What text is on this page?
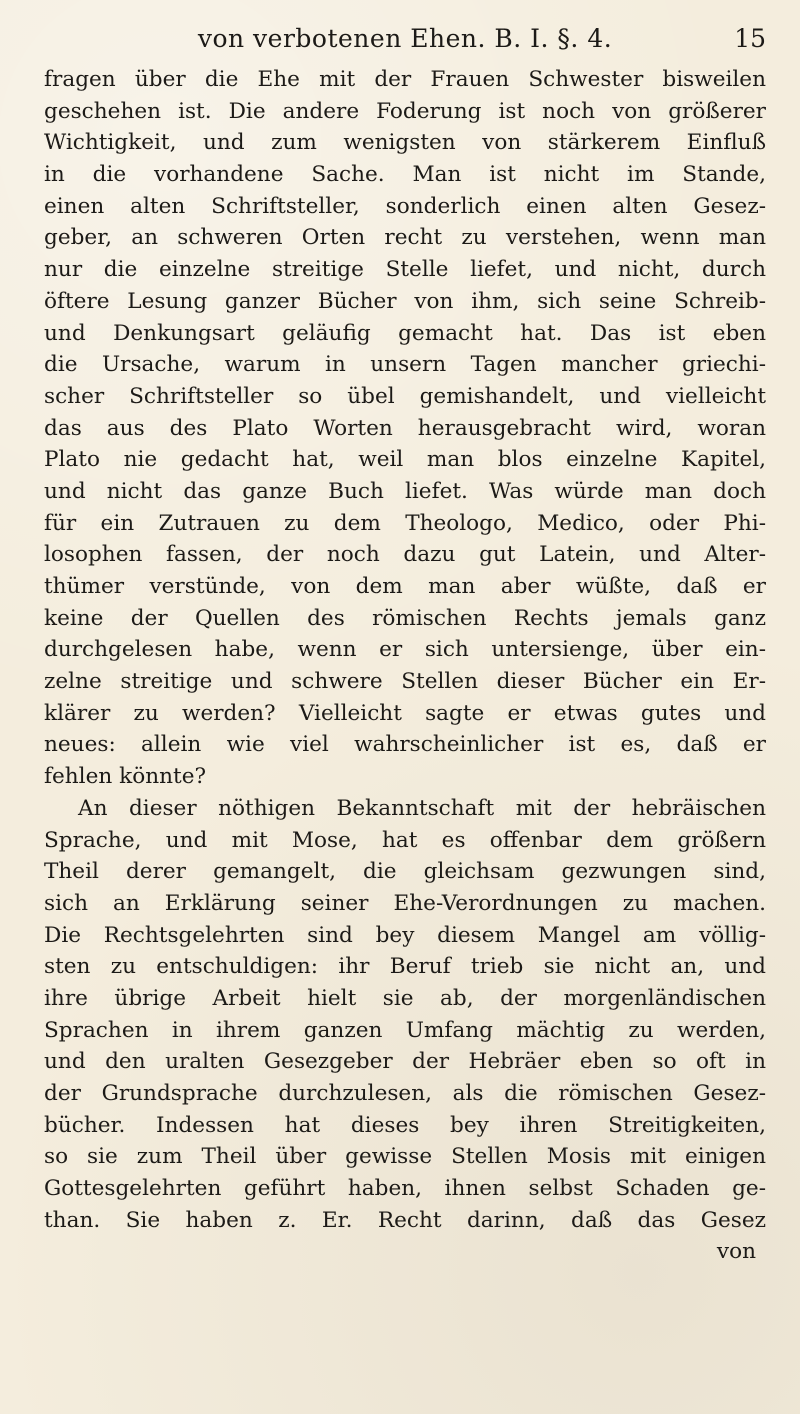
von verbotenen Ehen. B. I. §. 4.	15
fragen über die Ehe mit der Frauen Schwester bisweilen
geschehen ist. Die andere Foderung ist noch von größerer
Wichtigkeit, und zum wenigsten von stärkerem Einfluß
in die vorhandene Sache. Man ist nicht im Stande,
einen alten Schriftsteller, sonderlich einen alten Gesez-
geber, an schweren Orten recht zu verstehen, wenn man
nur die einzelne streitige Stelle liefet, und nicht, durch
öftere Lesung ganzer Bücher von ihm, sich seine Schreib-
und Denkungsart geläufig gemacht hat. Das ist eben
die Ursache, warum in unsern Tagen mancher griechi-
scher Schriftsteller so übel gemishandelt, und vielleicht
das aus des Plato Worten herausgebracht wird, woran
Plato nie gedacht hat, weil man blos einzelne Kapitel,
und nicht das ganze Buch liefet. Was würde man doch
für ein Zutrauen zu dem Theologo, Medico, oder Phi-
losophen fassen, der noch dazu gut Latein, und Alter-
thümer verstünde, von dem man aber wüßte, daß er
keine der Quellen des römischen Rechts jemals ganz
durchgelesen habe, wenn er sich untersienge, über ein-
zelne streitige und schwere Stellen dieser Bücher ein Er-
klärer zu werden? Vielleicht sagte er etwas gutes und
neues: allein wie viel wahrscheinlicher ist es, daß er
fehlen könnte?
An dieser nöthigen Bekanntschaft mit der hebräischen
Sprache, und mit Mose, hat es offenbar dem größern
Theil derer gemangelt, die gleichsam gezwungen sind,
sich an Erklärung seiner Ehe-Verordnungen zu machen.
Die Rechtsgelehrten sind bey diesem Mangel am völlig-
sten zu entschuldigen: ihr Beruf trieb sie nicht an, und
ihre übrige Arbeit hielt sie ab, der morgenländischen
Sprachen in ihrem ganzen Umfang mächtig zu werden,
und den uralten Gesezgeber der Hebräer eben so oft in
der Grundsprache durchzulesen, als die römischen Gesez-
bücher. Indessen hat dieses bey ihren Streitigkeiten,
so sie zum Theil über gewisse Stellen Mosis mit einigen
Gottesgelehrten geführt haben, ihnen selbst Schaden ge-
than. Sie haben z. Er. Recht darinn, daß das Gesez
von
